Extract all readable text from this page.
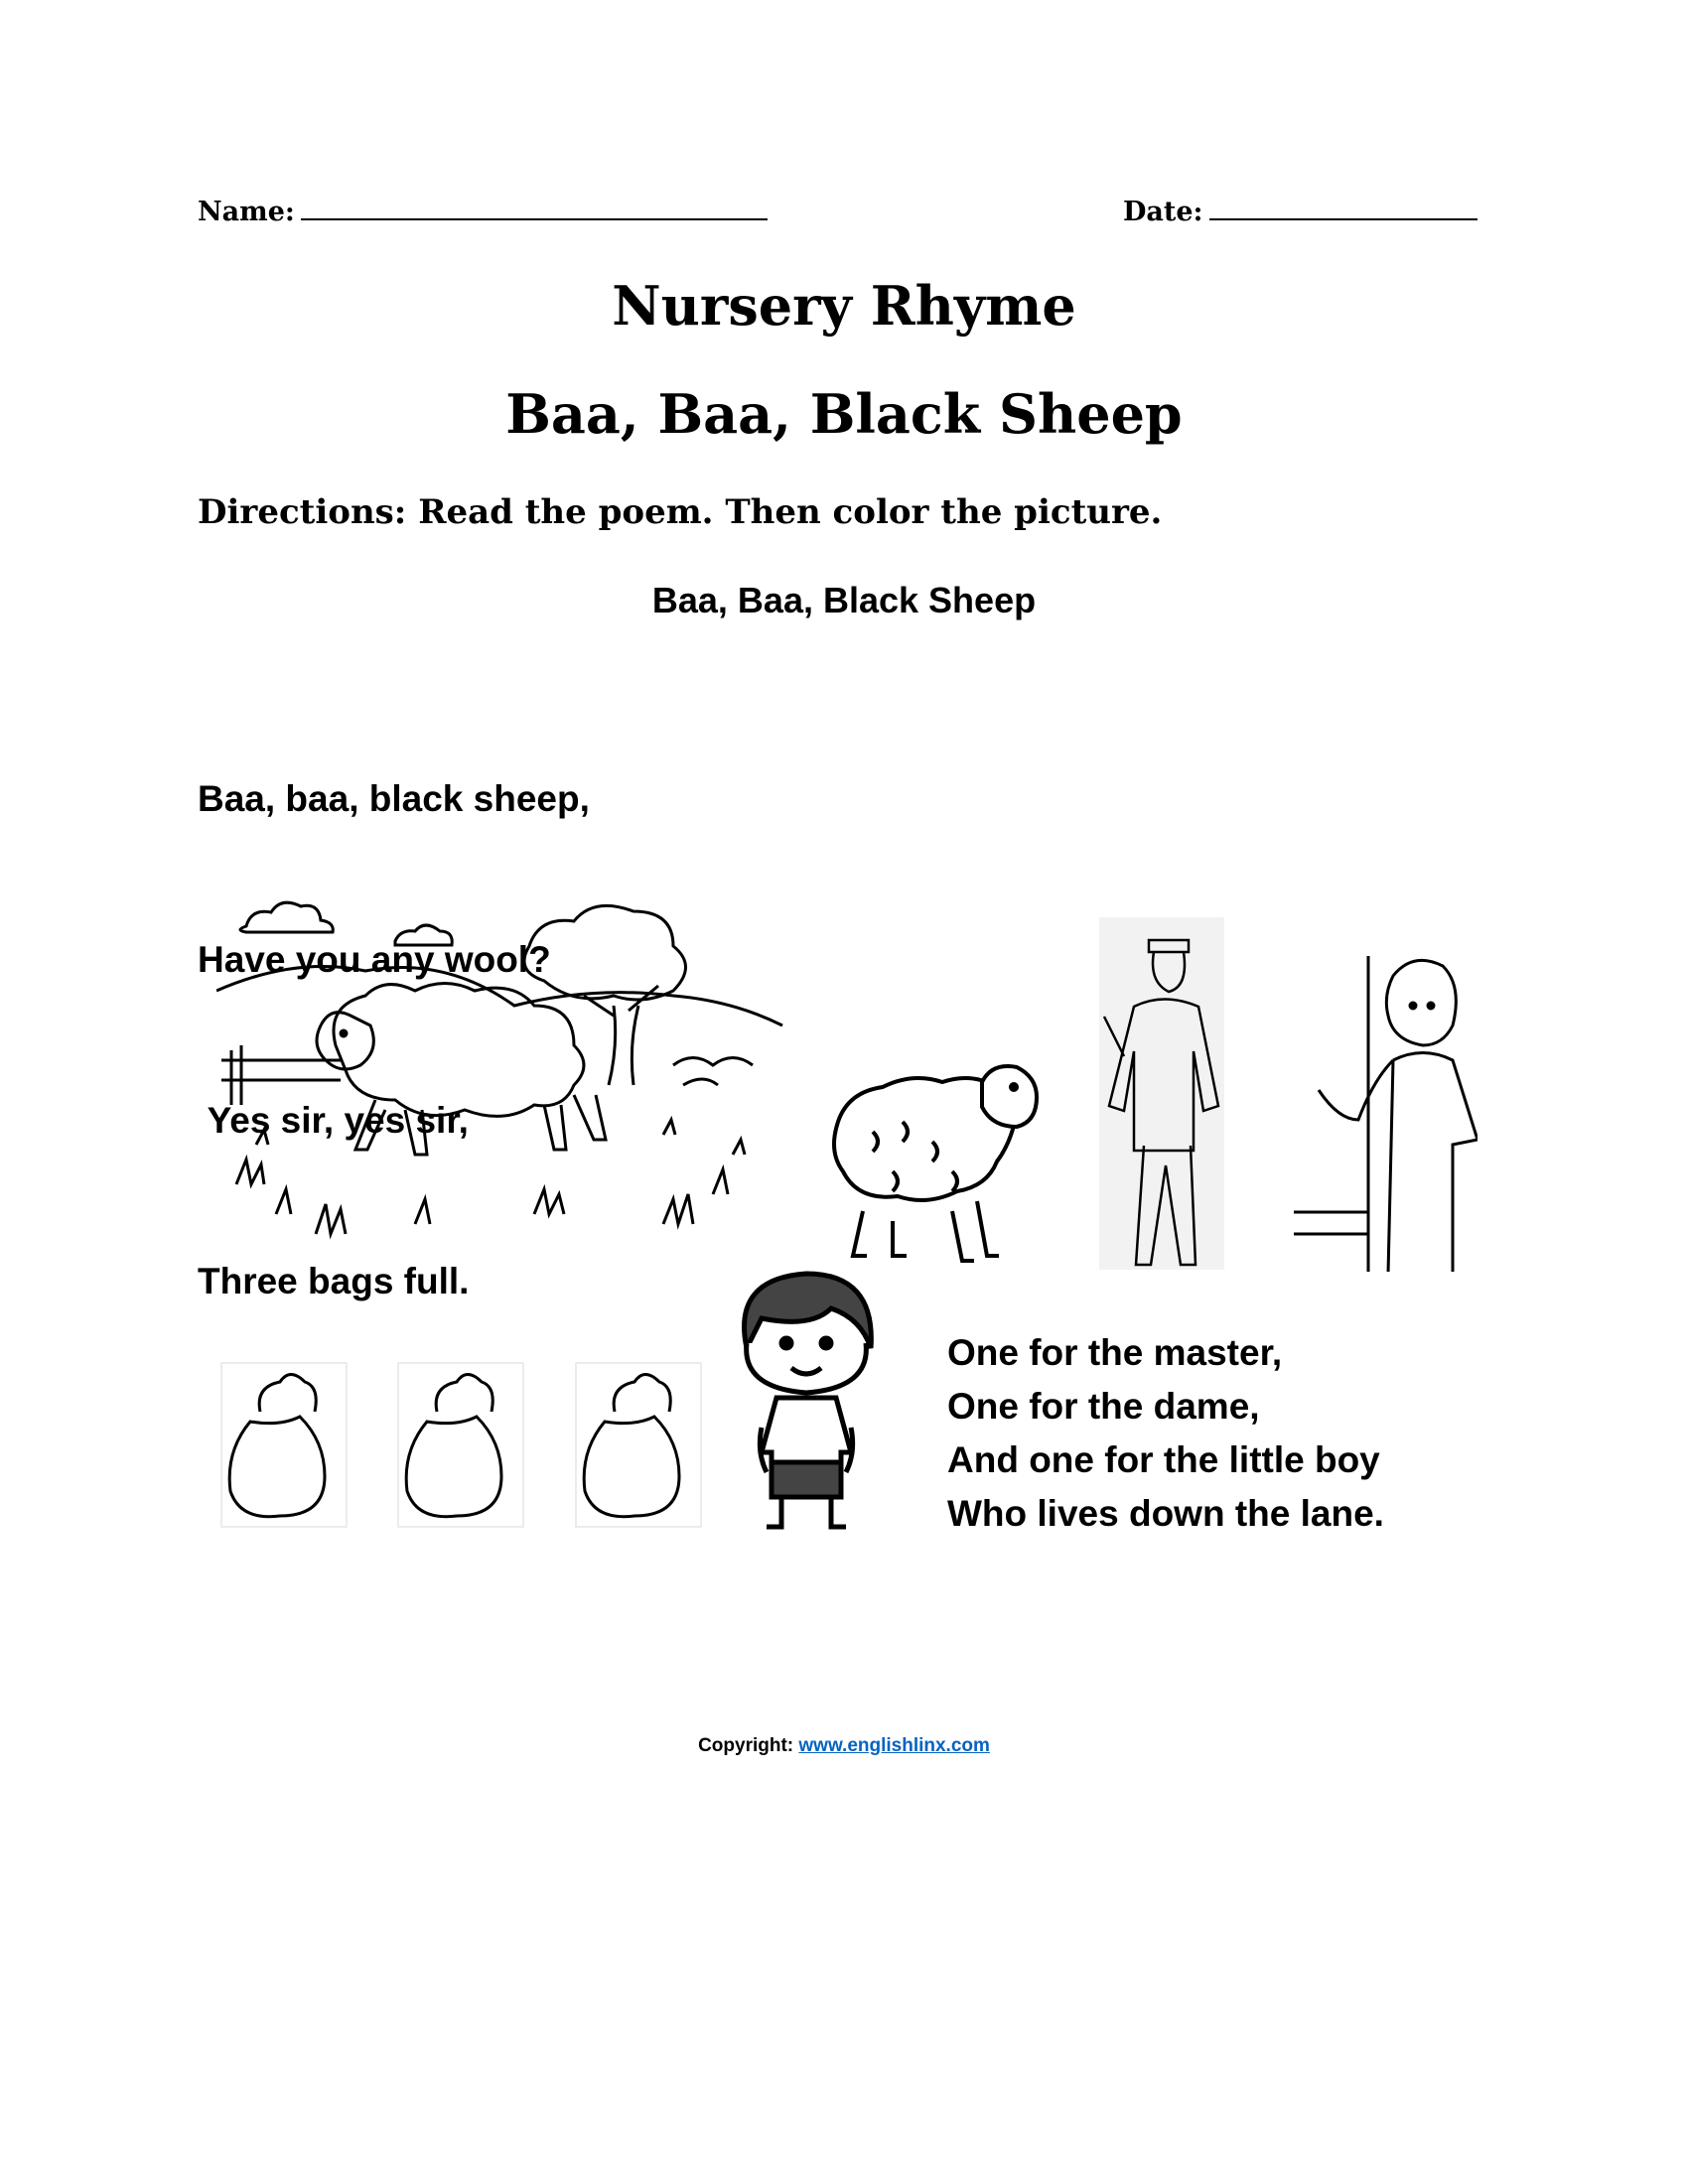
Name:	Date:
Nursery Rhyme
Baa, Baa, Black Sheep
Directions: Read the poem. Then color the picture.
Baa, Baa, Black Sheep

Baa, baa, black sheep,

Have you any wool?

Yes sir, yes sir,

Three bags full.

One for the master,
One for the dame,
And one for the little boy
Who lives down the lane.
Copyright: www.englishlinx.com
